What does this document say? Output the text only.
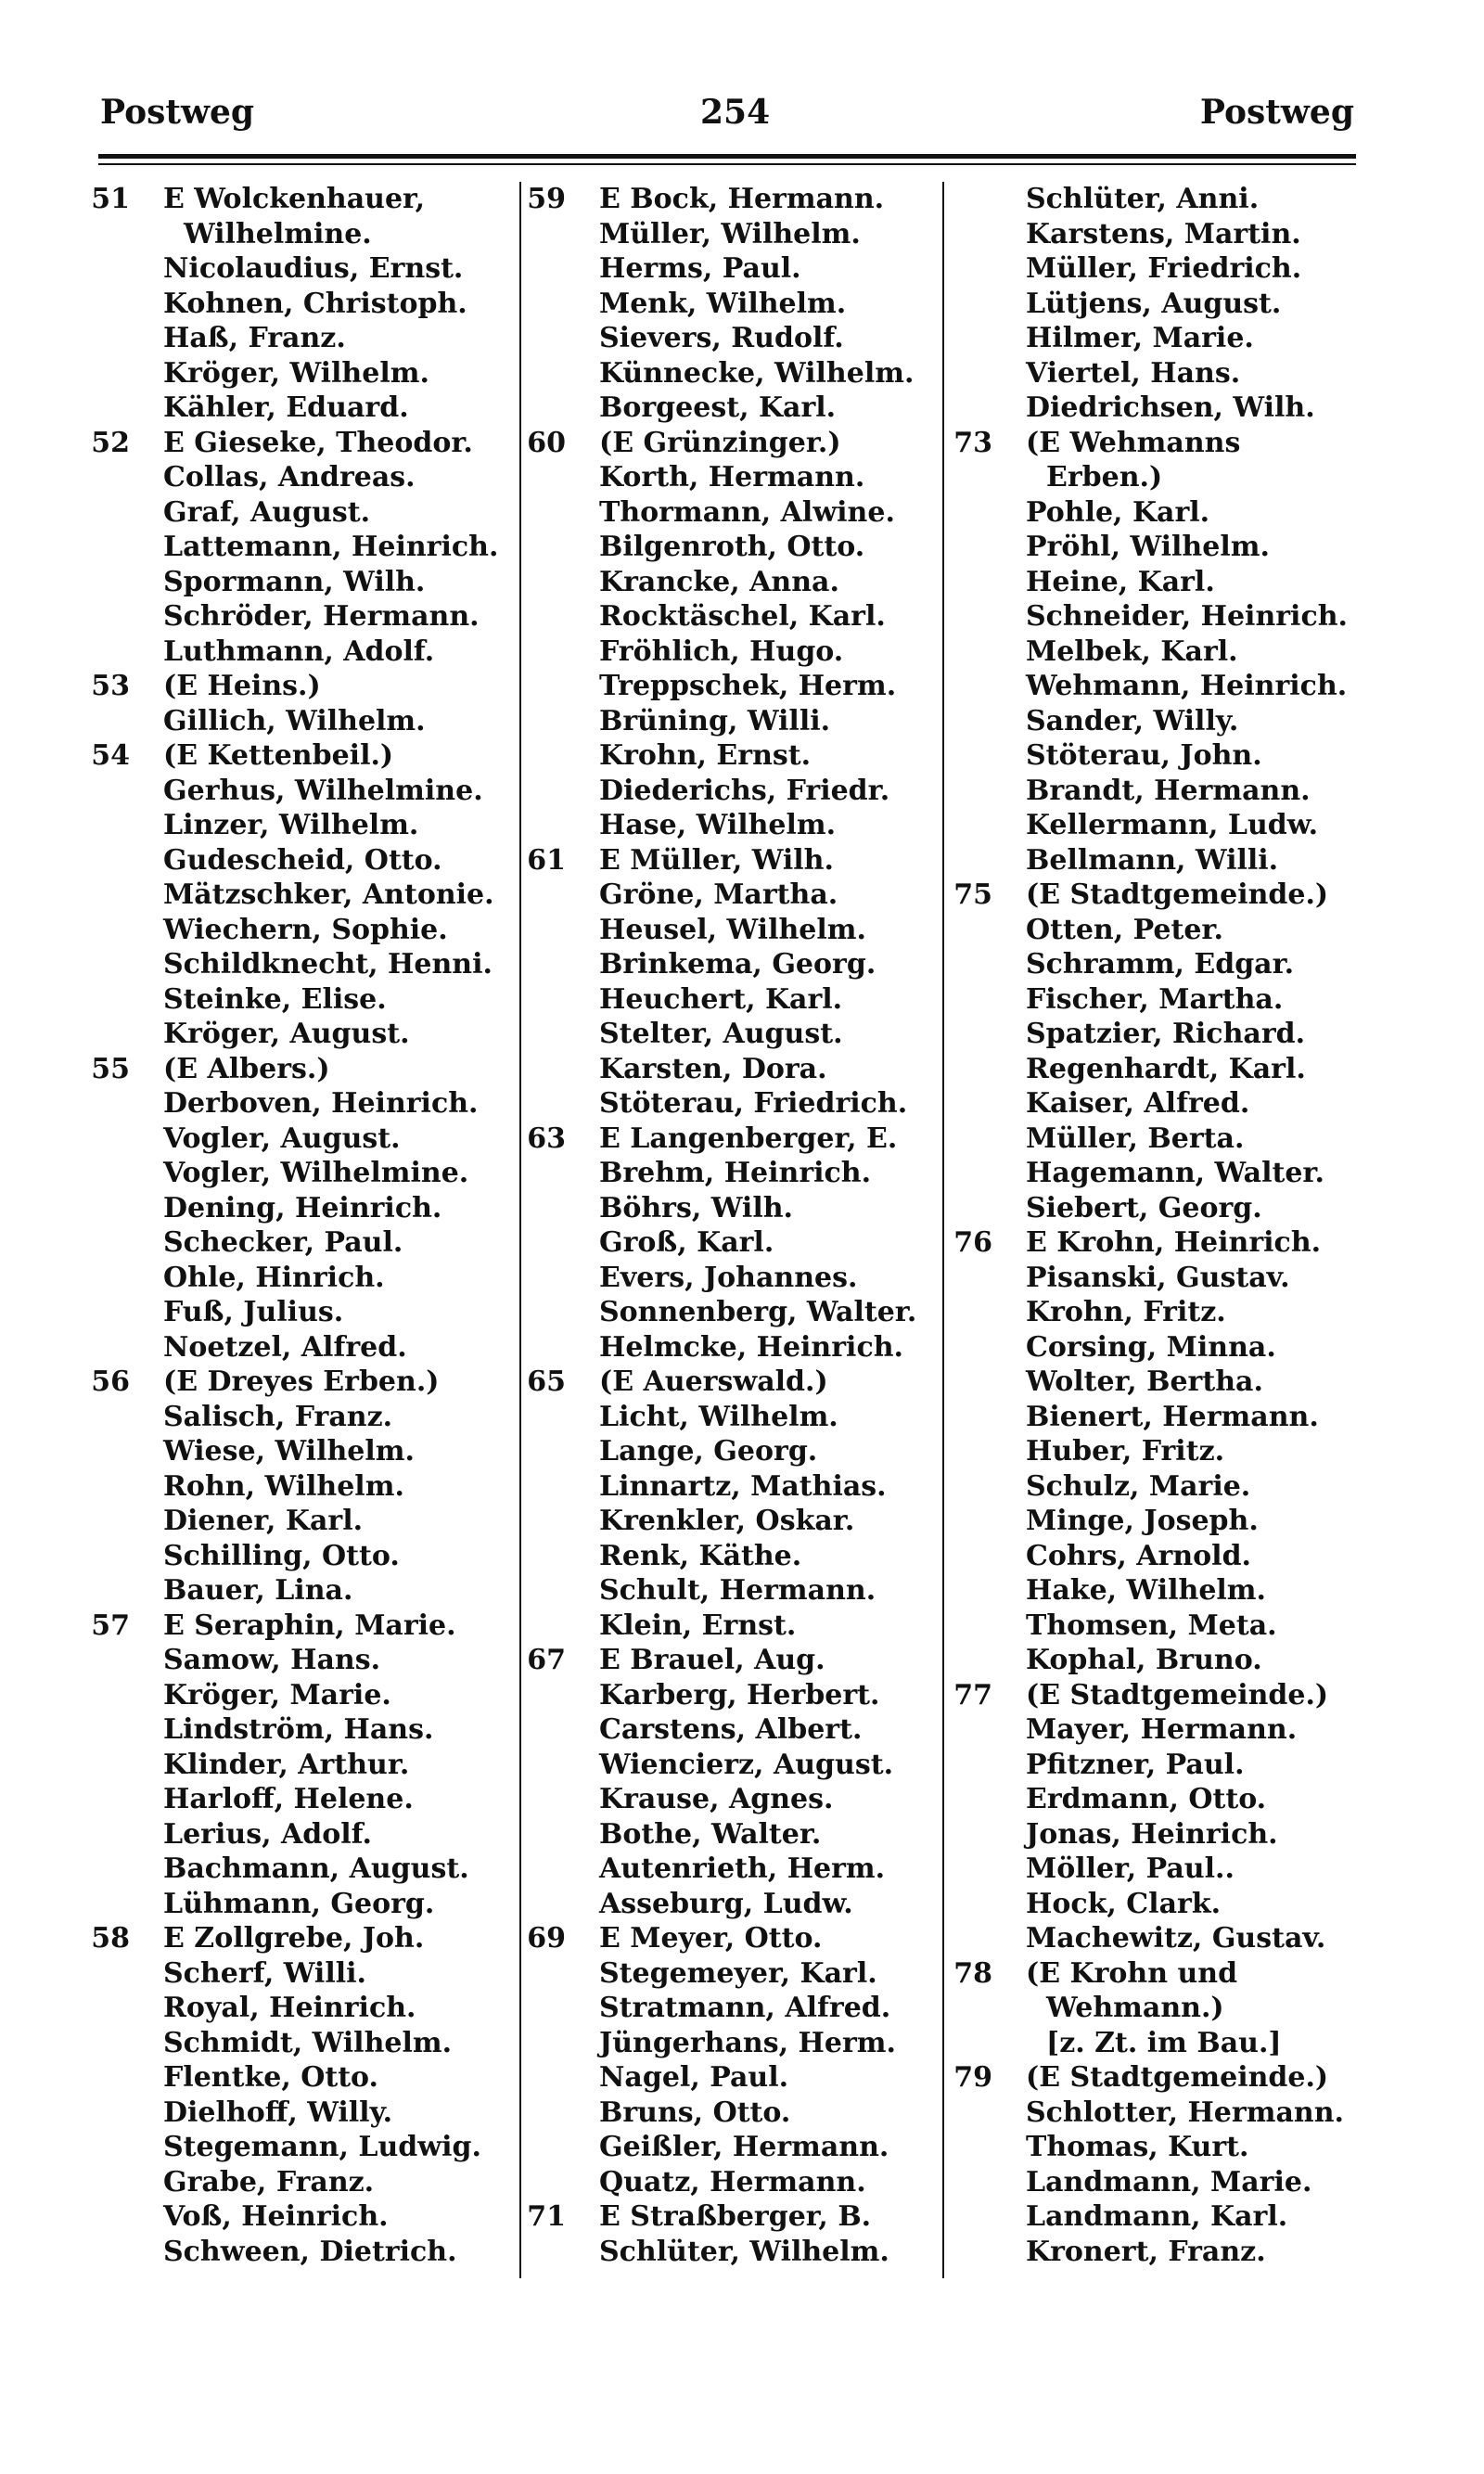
Postweg	254	Postweg
51 E Wolckenhauer,
Wilhelmine.
Nicolaudius, Ernst.
Kohnen, Christoph.
Haß, Franz.
Kröger, Wilhelm.
Kähler, Eduard.
52 E Gieseke, Theodor.
Collas, Andreas.
Graf, August.
Lattemann, Heinrich.
Spormann, Wilh.
Schröder, Hermann.
Luthmann, Adolf.
53 (E Heins.)
Gillich, Wilhelm.
54 (E Kettenbeil.)
Gerhus, Wilhelmine.
Linzer, Wilhelm.
Gudescheid, Otto.
Mätzschker, Antonie.
Wiechern, Sophie.
Schildknecht, Henni.
Steinke, Elise.
Kröger, August.
55 (E Albers.)
Derboven, Heinrich.
Vogler, August.
Vogler, Wilhelmine.
Dening, Heinrich.
Schecker, Paul.
Ohle, Hinrich.
Fuß, Julius.
Noetzel, Alfred.
56 (E Dreyes Erben.)
Salisch, Franz.
Wiese, Wilhelm.
Rohn, Wilhelm.
Diener, Karl.
Schilling, Otto.
Bauer, Lina.
57 E Seraphin, Marie.
Samow, Hans.
Kröger, Marie.
Lindström, Hans.
Klinder, Arthur.
Harloff, Helene.
Lerius, Adolf.
Bachmann, August.
Lühmann, Georg.
58 E Zollgrebe, Joh.
Scherf, Willi.
Royal, Heinrich.
Schmidt, Wilhelm.
Flentke, Otto.
Dielhoff, Willy.
Stegemann, Ludwig.
Grabe, Franz.
Voß, Heinrich.
Schween, Dietrich.
59 E Bock, Hermann.
Müller, Wilhelm.
Herms, Paul.
Menk, Wilhelm.
Sievers, Rudolf.
Künnecke, Wilhelm.
Borgeest, Karl.
60 (E Grünzinger.)
Korth, Hermann.
Thormann, Alwine.
Bilgenroth, Otto.
Krancke, Anna.
Rocktäschel, Karl.
Fröhlich, Hugo.
Treppschek, Herm.
Brüning, Willi.
Krohn, Ernst.
Diederichs, Friedr.
Hase, Wilhelm.
61 E Müller, Wilh.
Gröne, Martha.
Heusel, Wilhelm.
Brinkema, Georg.
Heuchert, Karl.
Stelter, August.
Karsten, Dora.
Stöterau, Friedrich.
63 E Langenberger, E.
Brehm, Heinrich.
Böhrs, Wilh.
Groß, Karl.
Evers, Johannes.
Sonnenberg, Walter.
Helmcke, Heinrich.
65 (E Auerswald.)
Licht, Wilhelm.
Lange, Georg.
Linnartz, Mathias.
Krenkler, Oskar.
Renk, Käthe.
Schult, Hermann.
Klein, Ernst.
67 E Brauel, Aug.
Karberg, Herbert.
Carstens, Albert.
Wiencierz, August.
Krause, Agnes.
Bothe, Walter.
Autenrieth, Herm.
Asseburg, Ludw.
69 E Meyer, Otto.
Stegemeyer, Karl.
Stratmann, Alfred.
Jüngerhans, Herm.
Nagel, Paul.
Bruns, Otto.
Geißler, Hermann.
Quatz, Hermann.
71 E Straßberger, B.
Schlüter, Wilhelm.
Schlüter, Anni.
Karstens, Martin.
Müller, Friedrich.
Lütjens, August.
Hilmer, Marie.
Viertel, Hans.
Diedrichsen, Wilh.
73 (E Wehmanns
Erben.)
Pohle, Karl.
Pröhl, Wilhelm.
Heine, Karl.
Schneider, Heinrich.
Melbek, Karl.
Wehmann, Heinrich.
Sander, Willy.
Stöterau, John.
Brandt, Hermann.
Kellermann, Ludw.
Bellmann, Willi.
75 (E Stadtgemeinde.)
Otten, Peter.
Schramm, Edgar.
Fischer, Martha.
Spatzier, Richard.
Regenhardt, Karl.
Kaiser, Alfred.
Müller, Berta.
Hagemann, Walter.
Siebert, Georg.
76 E Krohn, Heinrich.
Pisanski, Gustav.
Krohn, Fritz.
Corsing, Minna.
Wolter, Bertha.
Bienert, Hermann.
Huber, Fritz.
Schulz, Marie.
Minge, Joseph.
Cohrs, Arnold.
Hake, Wilhelm.
Thomsen, Meta.
Kophal, Bruno.
77 (E Stadtgemeinde.)
Mayer, Hermann.
Pfitzner, Paul.
Erdmann, Otto.
Jonas, Heinrich.
Möller, Paul..
Hock, Clark.
Machewitz, Gustav.
78 (E Krohn und
Wehmann.)
[z. Zt. im Bau.]
79 (E Stadtgemeinde.)
Schlotter, Hermann.
Thomas, Kurt.
Landmann, Marie.
Landmann, Karl.
Kronert, Franz.
